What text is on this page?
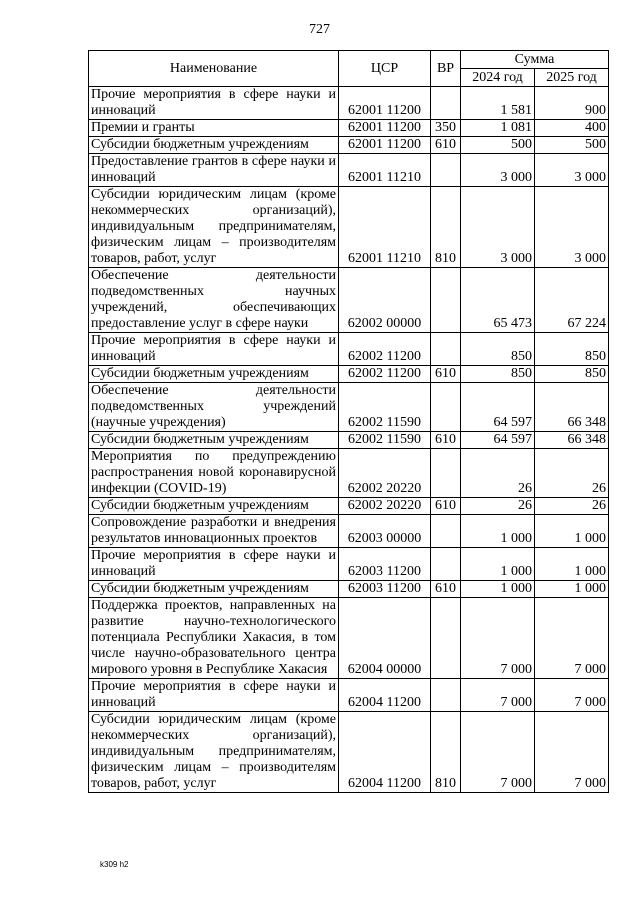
727
Наименование	ЦСР	ВР	Сумма	
			2024 год	2025 год
Прочие мероприятия в сфере науки и инноваций	62001 11200		1 581	900
Премии и гранты	62001 11200	350	1 081	400
Субсидии бюджетным учреждениям	62001 11200	610	500	500
Предоставление грантов в сфере науки и инноваций	62001 11210		3 000	3 000
Субсидии юридическим лицам (кроме некоммерческих организаций), индивидуальным предпринимателям, физическим лицам – производителям товаров, работ, услуг	62001 11210	810	3 000	3 000
Обеспечение деятельности подведомственных научных учреждений, обеспечивающих предоставление услуг в сфере науки	62002 00000		65 473	67 224
Прочие мероприятия в сфере науки и инноваций	62002 11200		850	850
Субсидии бюджетным учреждениям	62002 11200	610	850	850
Обеспечение деятельности подведомственных учреждений (научные учреждения)	62002 11590		64 597	66 348
Субсидии бюджетным учреждениям	62002 11590	610	64 597	66 348
Мероприятия по предупреждению распространения новой коронавирусной инфекции (COVID-19)	62002 20220		26	26
Субсидии бюджетным учреждениям	62002 20220	610	26	26
Сопровождение разработки и внедрения результатов инновационных проектов	62003 00000		1 000	1 000
Прочие мероприятия в сфере науки и инноваций	62003 11200		1 000	1 000
Субсидии бюджетным учреждениям	62003 11200	610	1 000	1 000
Поддержка проектов, направленных на развитие научно-технологического потенциала Республики Хакасия, в том числе научно-образовательного центра мирового уровня в Республике Хакасия	62004 00000		7 000	7 000
Прочие мероприятия в сфере науки и инноваций	62004 11200		7 000	7 000
Субсидии юридическим лицам (кроме некоммерческих организаций), индивидуальным предпринимателям, физическим лицам – производителям товаров, работ, услуг	62004 11200	810	7 000	7 000
k309 h2
